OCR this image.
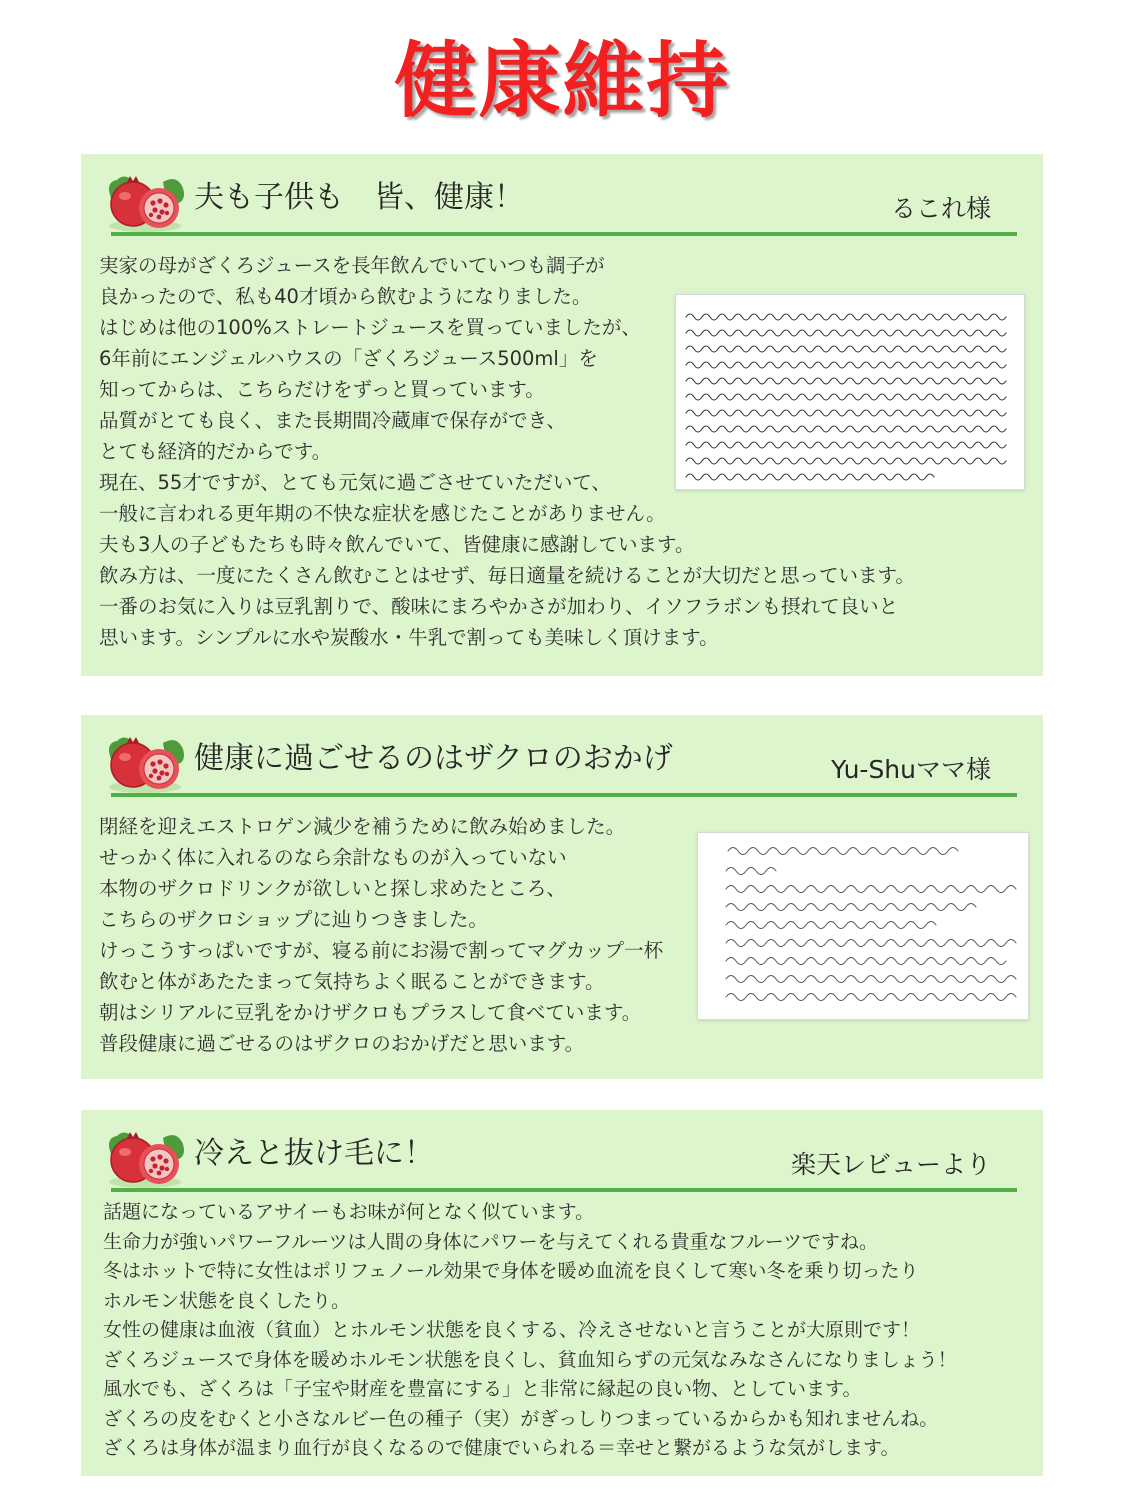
健康維持
夫も子供も　皆、健康！	るこれ様
実家の母がざくろジュースを長年飲んでいていつも調子が
良かったので、私も40才頃から飲むようになりました。
はじめは他の100%ストレートジュースを買っていましたが、
6年前にエンジェルハウスの「ざくろジュース500ml」を
知ってからは、こちらだけをずっと買っています。
品質がとても良く、また長期間冷蔵庫で保存ができ、
とても経済的だからです。
現在、55才ですが、とても元気に過ごさせていただいて、
一般に言われる更年期の不快な症状を感じたことがありません。
夫も3人の子どもたちも時々飲んでいて、皆健康に感謝しています。
飲み方は、一度にたくさん飲むことはせず、毎日適量を続けることが大切だと思っています。
一番のお気に入りは豆乳割りで、酸味にまろやかさが加わり、イソフラボンも摂れて良いと
思います。シンプルに水や炭酸水・牛乳で割っても美味しく頂けます。
健康に過ごせるのはザクロのおかげ	Yu-Shuママ様
閉経を迎えエストロゲン減少を補うために飲み始めました。
せっかく体に入れるのなら余計なものが入っていない
本物のザクロドリンクが欲しいと探し求めたところ、
こちらのザクロショップに辿りつきました。
けっこうすっぱいですが、寝る前にお湯で割ってマグカップ一杯
飲むと体があたたまって気持ちよく眠ることができます。
朝はシリアルに豆乳をかけザクロもプラスして食べています。
普段健康に過ごせるのはザクロのおかげだと思います。
冷えと抜け毛に！	楽天レビューより
話題になっているアサイーもお味が何となく似ています。
生命力が強いパワーフルーツは人間の身体にパワーを与えてくれる貴重なフルーツですね。
冬はホットで特に女性はポリフェノール効果で身体を暖め血流を良くして寒い冬を乗り切ったり
ホルモン状態を良くしたり。
女性の健康は血液（貧血）とホルモン状態を良くする、冷えさせないと言うことが大原則です！
ざくろジュースで身体を暖めホルモン状態を良くし、貧血知らずの元気なみなさんになりましょう！
風水でも、ざくろは「子宝や財産を豊富にする」と非常に縁起の良い物、としています。
ざくろの皮をむくと小さなルビー色の種子（実）がぎっしりつまっているからかも知れませんね。
ざくろは身体が温まり血行が良くなるので健康でいられる＝幸せと繋がるような気がします。
